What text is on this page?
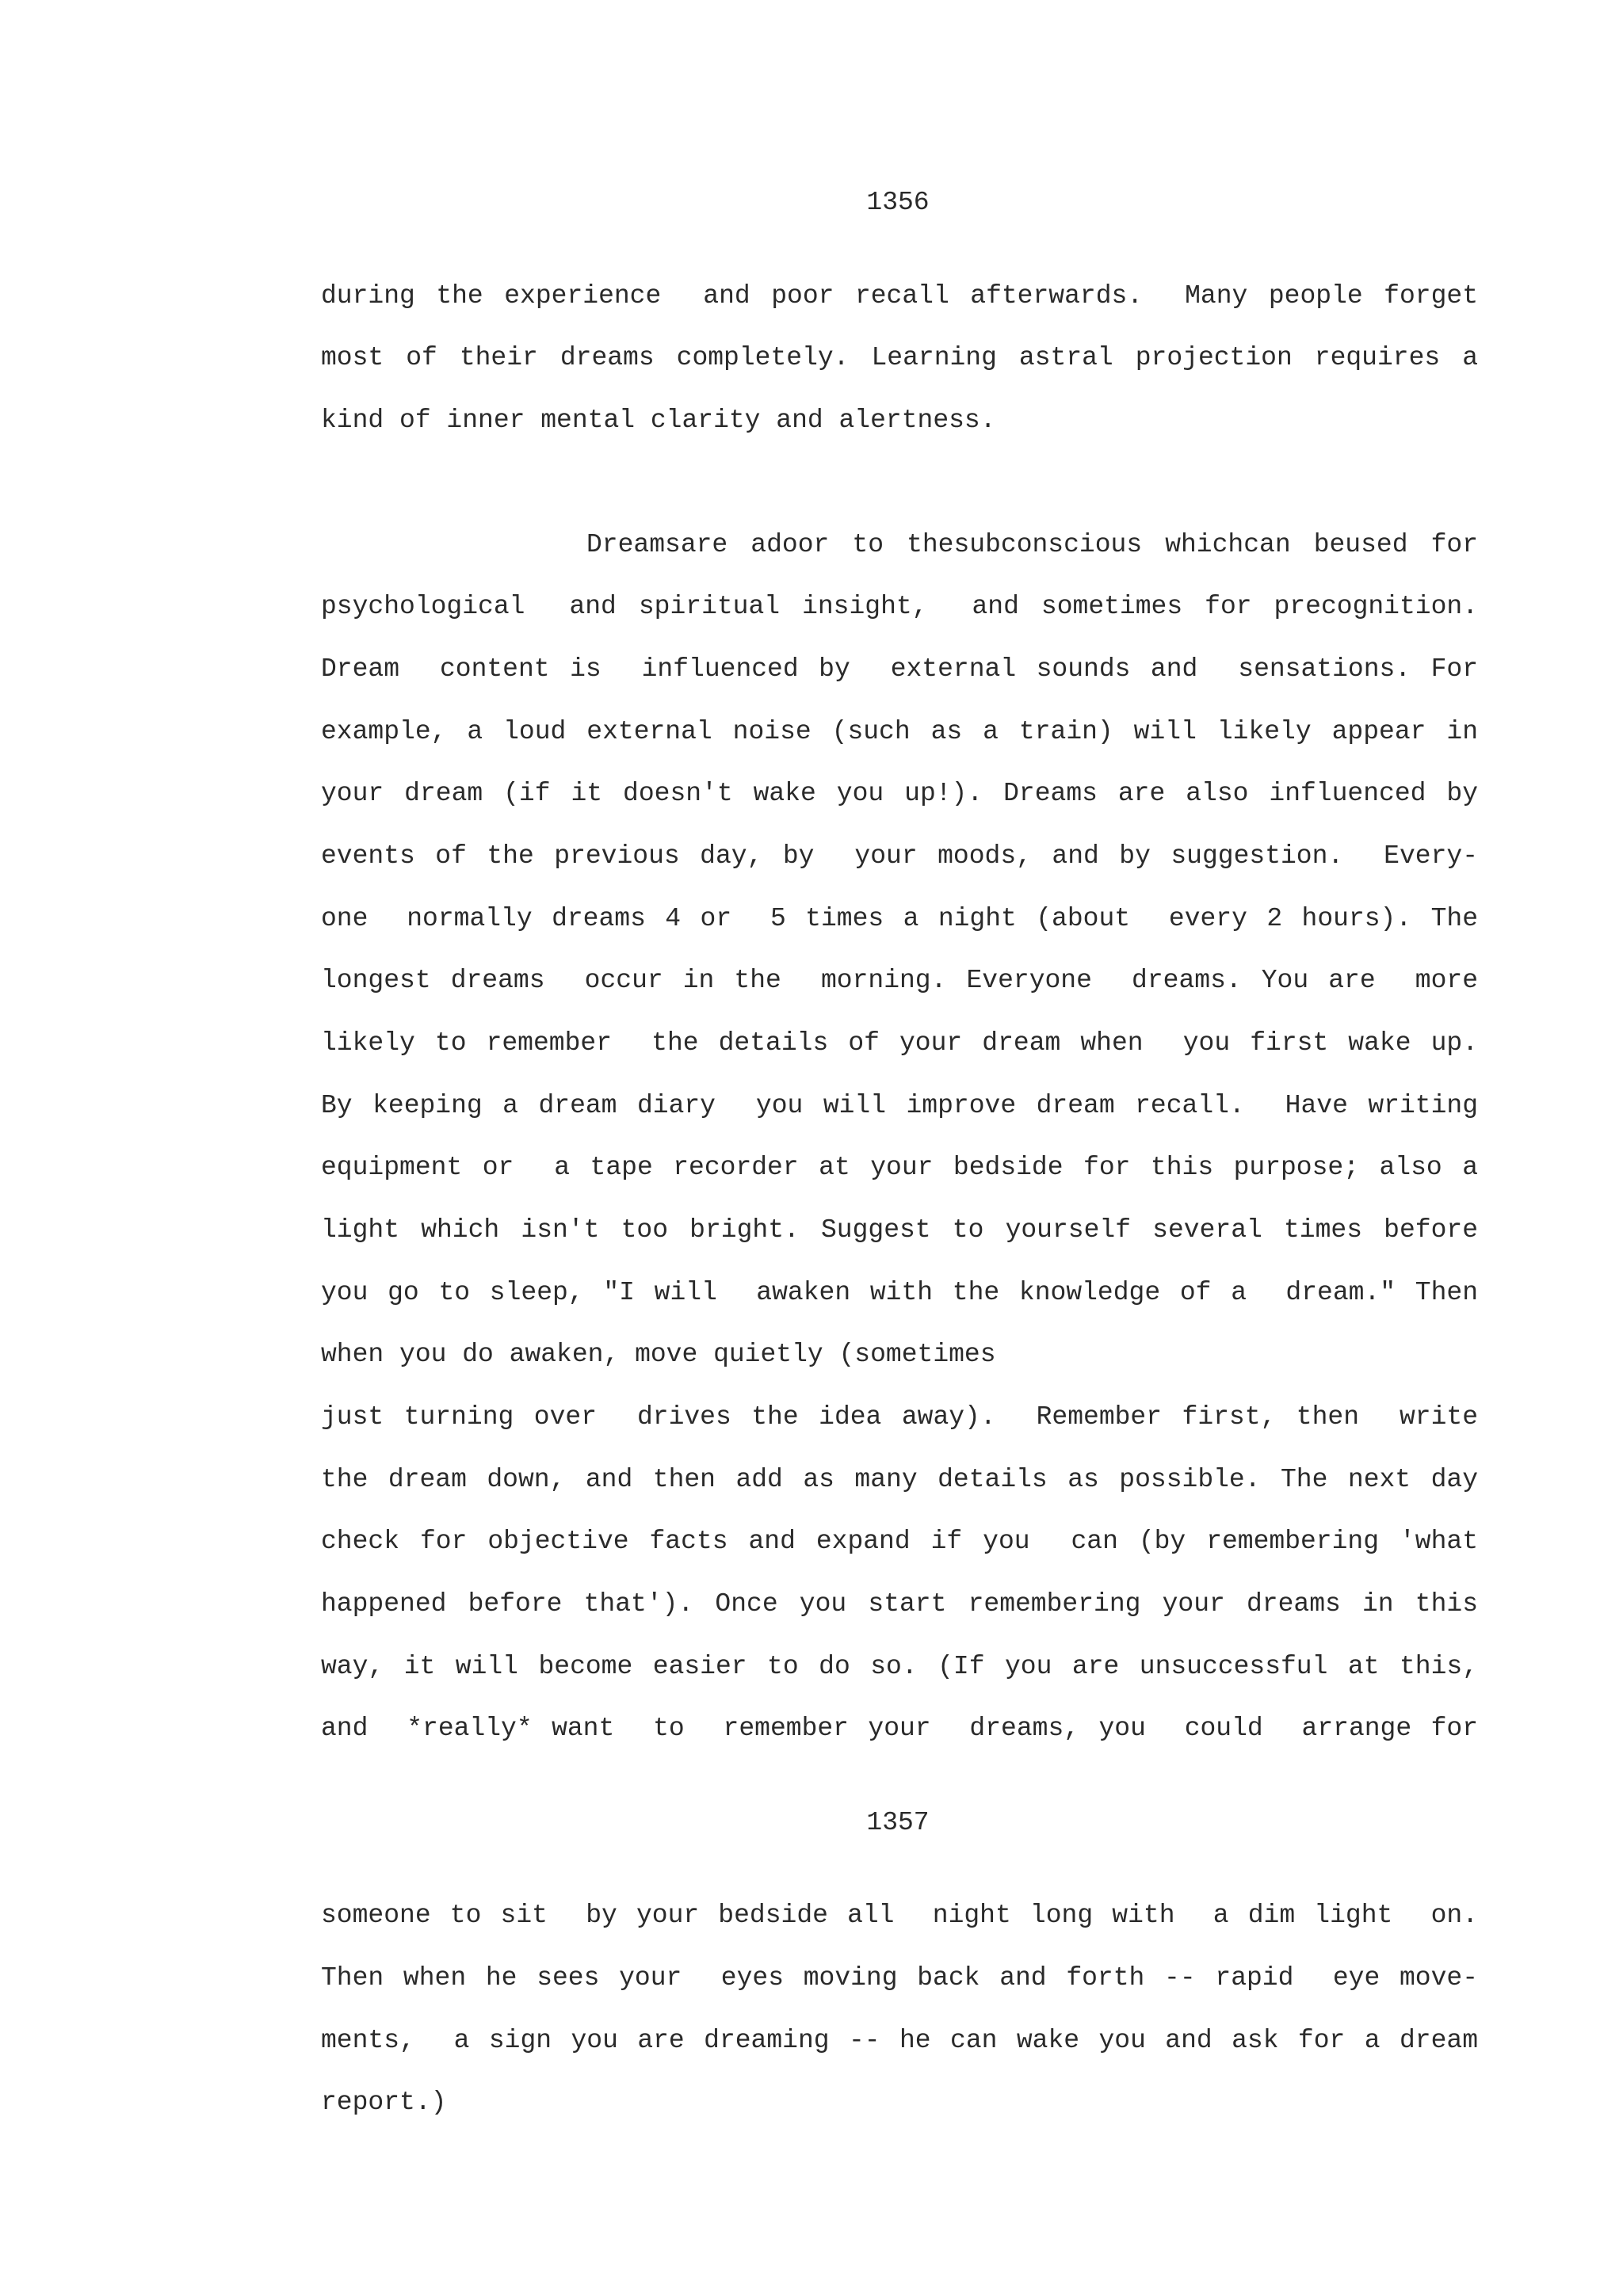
1356
during the experience  and poor recall afterwards.  Many people forget
most of their dreams completely. Learning astral projection requires a
kind of inner mental clarity and alertness.
Dreamsare adoor to thesubconscious whichcan beused for
psychological  and spiritual insight,  and sometimes for precognition.
Dream  content is  influenced by  external sounds and  sensations. For
example, a loud external noise (such as a train) will likely appear in
your dream (if it doesn't wake you up!). Dreams are also influenced by
events of the previous day, by  your moods, and by suggestion.  Every-
one  normally dreams 4 or  5 times a night (about  every 2 hours). The
longest dreams  occur in the  morning. Everyone  dreams. You are  more
likely to remember  the details of your dream when  you first wake up.
By keeping a dream diary  you will improve dream recall.  Have writing
equipment or  a tape recorder at your bedside for this purpose; also a
light which isn't too bright. Suggest to yourself several times before
you go to sleep, "I will  awaken with the knowledge of a  dream." Then
when you do awaken, move quietly (sometimes
just turning over  drives the idea away).  Remember first, then  write
the dream down, and then add as many details as possible. The next day
check for objective facts and expand if you  can (by remembering 'what
happened before that'). Once you start remembering your dreams in this
way, it will become easier to do so. (If you are unsuccessful at this,
and  *really* want  to  remember your  dreams, you  could  arrange for
1357
someone to sit  by your bedside all  night long with  a dim light  on.
Then when he sees your  eyes moving back and forth -- rapid  eye move-
ments,  a sign you are dreaming -- he can wake you and ask for a dream
report.)
